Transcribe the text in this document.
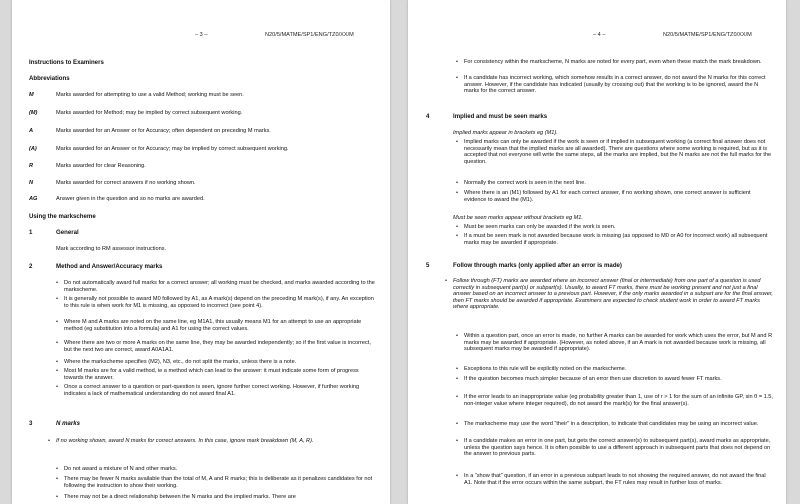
– 3 –	N20/5/MATME/SP1/ENG/TZ0/XX/M
Instructions to Examiners
Abbreviations
M	Marks awarded for attempting to use a valid Method; working must be seen.
(M)	Marks awarded for Method; may be implied by correct subsequent working.
A	Marks awarded for an Answer or for Accuracy; often dependent on preceding M marks.
(A)	Marks awarded for an Answer or for Accuracy; may be implied by correct subsequent working.
R	Marks awarded for clear Reasoning.
N	Marks awarded for correct answers if no working shown.
AG	Answer given in the question and so no marks are awarded.
Using the markscheme
1	General
Mark according to RM assessor instructions.
2	Method and Answer/Accuracy marks
• Do not automatically award full marks for a correct answer; all working must be checked, and marks awarded according to the markscheme.
• It is generally not possible to award M0 followed by A1, as A mark(s) depend on the preceding M mark(s), if any. An exception to this rule is when work for M1 is missing, as opposed to incorrect (see point 4).
• Where M and A marks are noted on the same line, eg M1A1, this usually means M1 for an attempt to use an appropriate method (eg substitution into a formula) and A1 for using the correct values.
• Where there are two or more A marks on the same line, they may be awarded independently; so if the first value is incorrect, but the next two are correct, award A0A1A1.
• Where the markscheme specifies (M2), N3, etc., do not split the marks, unless there is a note.
• Most M marks are for a valid method, ie a method which can lead to the answer: it must indicate some form of progress towards the answer.
• Once a correct answer to a question or part-question is seen, ignore further correct working. However, if further working indicates a lack of mathematical understanding do not award final A1.
3	N marks
• If no working shown, award N marks for correct answers. In this case, ignore mark breakdown (M, A, R).
• Do not award a mixture of N and other marks.
• There may be fewer N marks available than the total of M, A and R marks; this is deliberate as it penalizes candidates for not following the instruction to show their working.
• There may not be a direct relationship between the N marks and the implied marks. There are
– 4 –	N20/5/MATME/SP1/ENG/TZ0/XX/M
• For consistency within the markscheme, N marks are noted for every part, even when these match the mark breakdown.
• If a candidate has incorrect working, which somehow results in a correct answer, do not award the N marks for this correct answer. However, if the candidate has indicated (usually by crossing out) that the working is to be ignored, award the N marks for the correct answer.
4	Implied and must be seen marks
Implied marks appear in brackets eg (M1).
• Implied marks can only be awarded if the work is seen or if implied in subsequent working (a correct final answer does not necessarily mean that the implied marks are all awarded). There are questions where some working is required, but as it is accepted that not everyone will write the same steps, all the marks are implied, but the N marks are not the full marks for the question.
• Normally the correct work is seen in the next line.
• Where there is an (M1) followed by A1 for each correct answer, if no working shown, one correct answer is sufficient evidence to award the (M1).
Must be seen marks appear without brackets eg M1.
• Must be seen marks can only be awarded if the work is seen.
• If a must be seen mark is not awarded because work is missing (as opposed to M0 or A0 for incorrect work) all subsequent marks may be awarded if appropriate.
5	Follow through marks (only applied after an error is made)
• Follow through (FT) marks are awarded where an incorrect answer (final or intermediate) from one part of a question is used correctly in subsequent part(s) or subpart(s). Usually, to award FT marks, there must be working present and not just a final answer based on an incorrect answer to a previous part. However, if the only marks awarded in a subpart are for the final answer, then FT marks should be awarded if appropriate. Examiners are expected to check student work in order to award FT marks where appropriate.
• Within a question part, once an error is made, no further A marks can be awarded for work which uses the error, but M and R marks may be awarded if appropriate. (However, as noted above, if an A mark is not awarded because work is missing, all subsequent marks may be awarded if appropriate).
• Exceptions to this rule will be explicitly noted on the markscheme.
• If the question becomes much simpler because of an error then use discretion to award fewer FT marks.
• If the error leads to an inappropriate value (eg probability greater than 1, use of r > 1 for the sum of an infinite GP, sin θ = 1.5, non-integer value where integer required), do not award the mark(s) for the final answer(s).
• The markscheme may use the word “their” in a description, to indicate that candidates may be using an incorrect value.
• If a candidate makes an error in one part, but gets the correct answer(s) to subsequent part(s), award marks as appropriate, unless the question says hence. It is often possible to use a different approach in subsequent parts that does not depend on the answer to previous parts.
• In a “show that” question, if an error in a previous subpart leads to not showing the required answer, do not award the final A1. Note that if the error occurs within the same subpart, the FT rules may result in further loss of marks.
